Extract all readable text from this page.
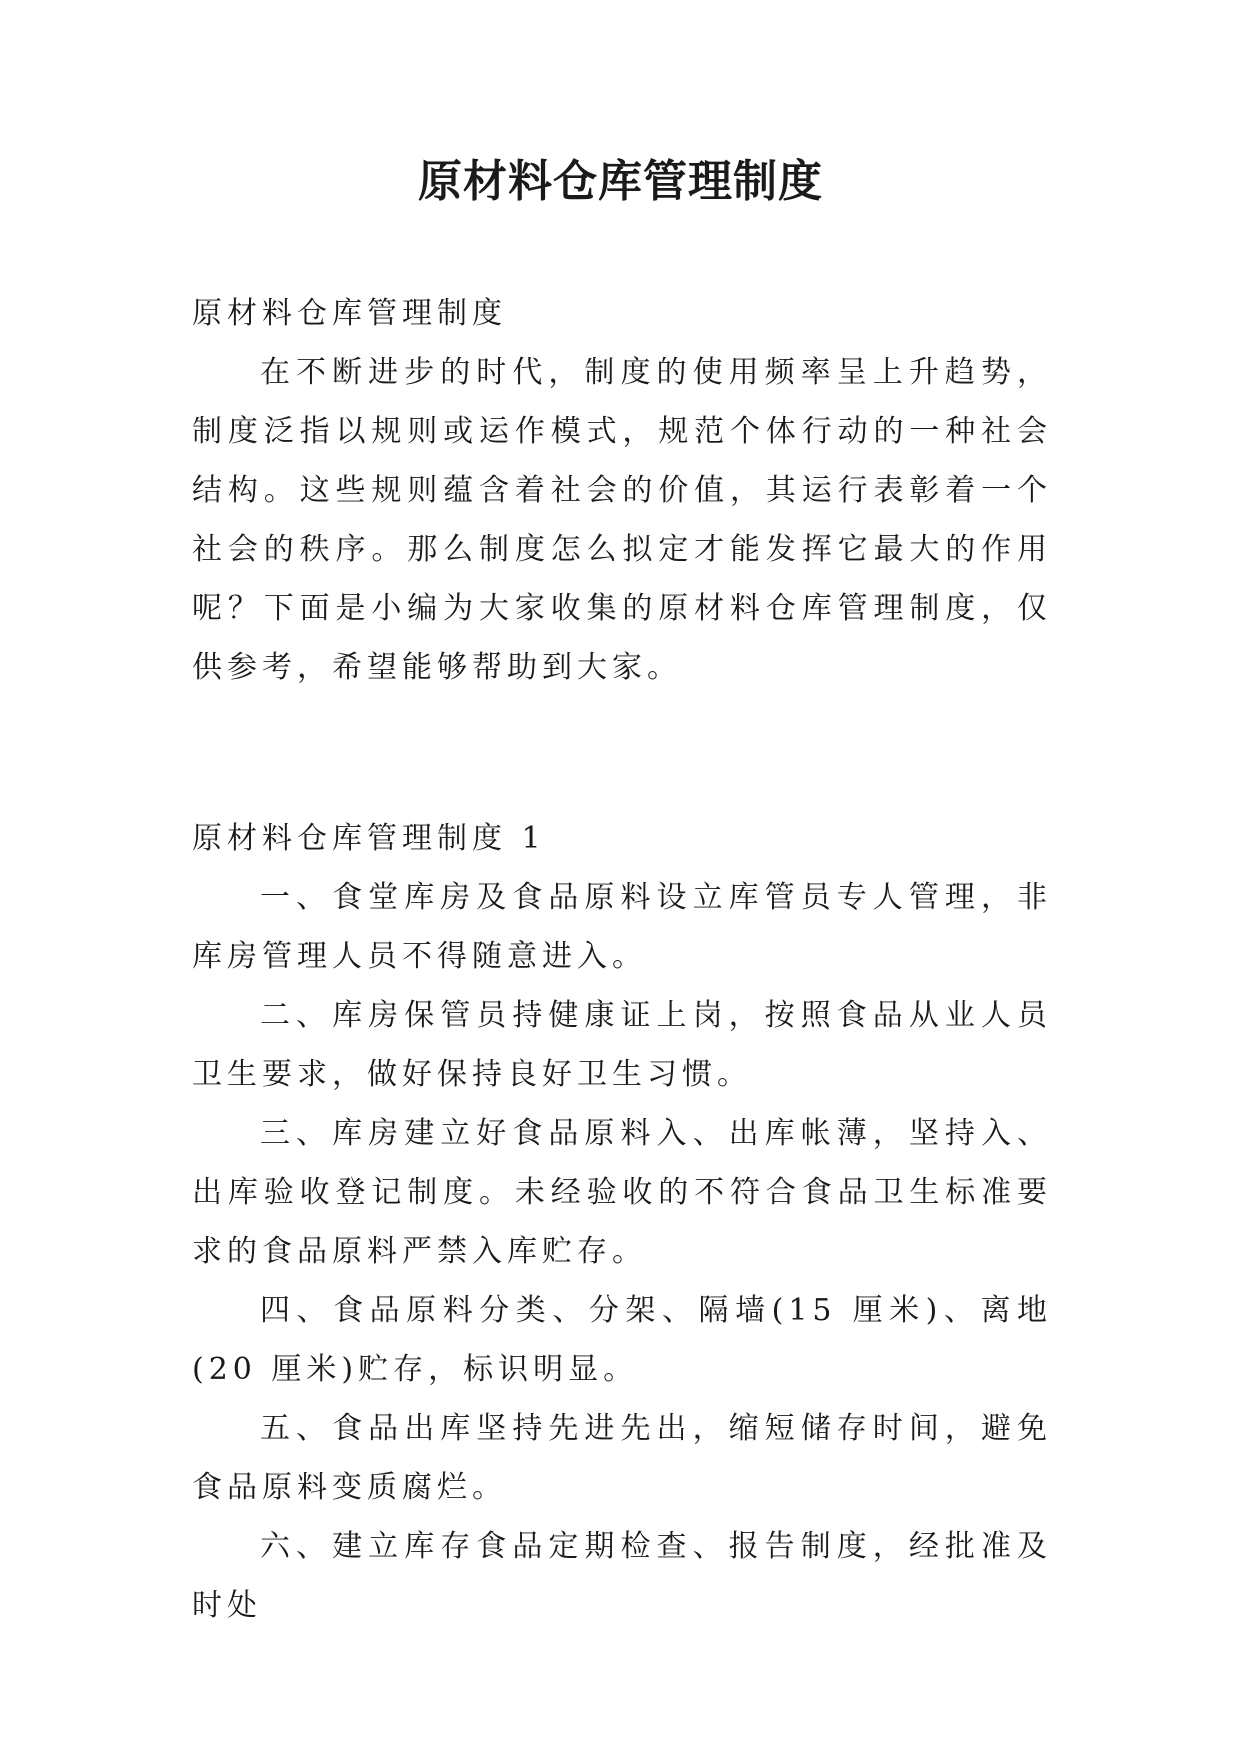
原材料仓库管理制度

原材料仓库管理制度

在不断进步的时代，制度的使用频率呈上升趋势，制度泛指以规则或运作模式，规范个体行动的一种社会结构。这些规则蕴含着社会的价值，其运行表彰着一个社会的秩序。那么制度怎么拟定才能发挥它最大的作用呢？下面是小编为大家收集的原材料仓库管理制度，仅供参考，希望能够帮助到大家。

原材料仓库管理制度 1

一、食堂库房及食品原料设立库管员专人管理，非库房管理人员不得随意进入。

二、库房保管员持健康证上岗，按照食品从业人员卫生要求，做好保持良好卫生习惯。

三、库房建立好食品原料入、出库帐薄，坚持入、出库验收登记制度。未经验收的不符合食品卫生标准要求的食品原料严禁入库贮存。

四、食品原料分类、分架、隔墙(15 厘米)、离地(20 厘米)贮存，标识明显。

五、食品出库坚持先进先出，缩短储存时间，避免食品原料变质腐烂。

六、建立库存食品定期检查、报告制度，经批准及时处
